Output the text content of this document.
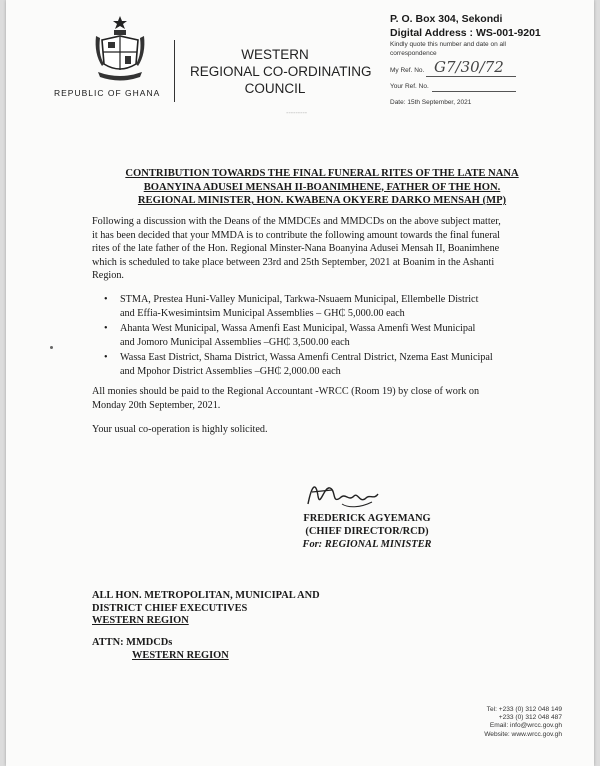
REPUBLIC OF GHANA
WESTERN
REGIONAL CO-ORDINATING
COUNCIL
P. O. Box 304, Sekondi
Digital Address : WS-001-9201
Kindly quote this number and date on all
correspondence
My Ref. No. G7/30/72
Your Ref. No.
Date: 15th September, 2021
---------
CONTRIBUTION TOWARDS THE FINAL FUNERAL RITES OF THE LATE NANA
BOANYINA ADUSEI MENSAH II-BOANIMHENE, FATHER OF THE HON.
REGIONAL MINISTER, HON. KWABENA OKYERE DARKO MENSAH (MP)
Following a discussion with the Deans of the MMDCEs and MMDCDs on the above subject matter,
it has been decided that your MMDA is to contribute the following amount towards the final funeral
rites of the late father of the Hon. Regional Minster-Nana Boanyina Adusei Mensah II, Boanimhene
which is scheduled to take place between 23rd and 25th September, 2021 at Boanim in the Ashanti
Region.
• STMA, Prestea Huni-Valley Municipal, Tarkwa-Nsuaem Municipal, Ellembelle District
and Effia-Kwesimintsim Municipal Assemblies – GH₵ 5,000.00 each
• Ahanta West Municipal, Wassa Amenfi East Municipal, Wassa Amenfi West Municipal
and Jomoro Municipal Assemblies –GH₵ 3,500.00 each
• Wassa East District, Shama District, Wassa Amenfi Central District, Nzema East Municipal
and Mpohor District Assemblies –GH₵ 2,000.00 each
All monies should be paid to the Regional Accountant -WRCC (Room 19) by close of work on
Monday 20th September, 2021.
Your usual co-operation is highly solicited.
FREDERICK AGYEMANG
(CHIEF DIRECTOR/RCD)
For: REGIONAL MINISTER
ALL HON. METROPOLITAN, MUNICIPAL AND
DISTRICT CHIEF EXECUTIVES
WESTERN REGION
ATTN: MMDCDs
WESTERN REGION
Tel: +233 (0) 312 048 149
+233 (0) 312 048 487
Email: info@wrcc.gov.gh
Website: www.wrcc.gov.gh
